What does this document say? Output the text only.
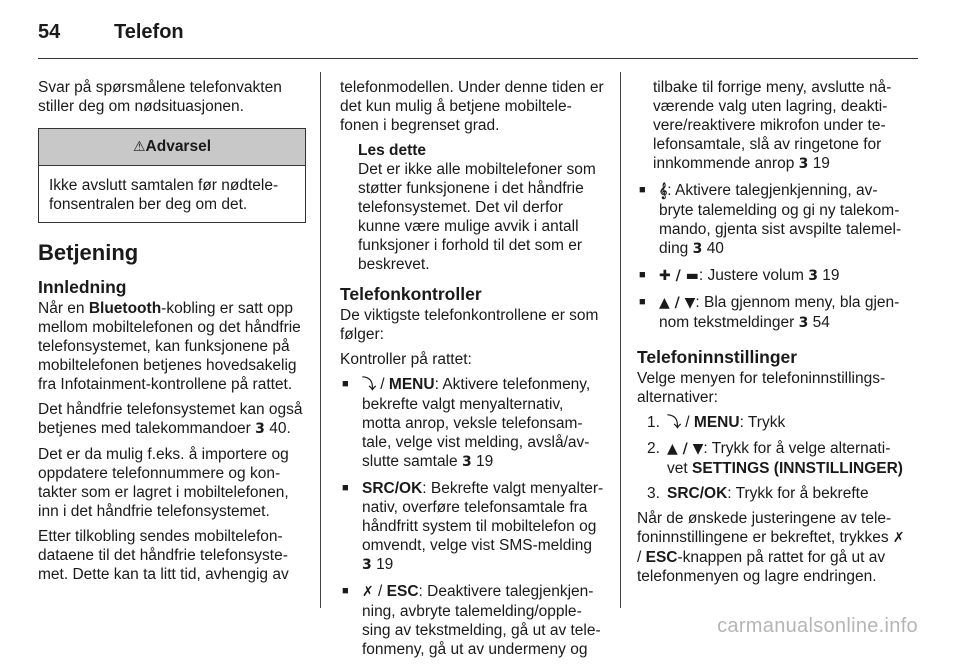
54	Telefon

Svar på spørsmålene telefonvakten stiller deg om nødsituasjonen.

⚠Advarsel
Ikke avslutt samtalen før nødtelefonsentralen ber deg om det.
Betjening
Innledning

Når en Bluetooth-kobling er satt opp mellom mobiltelefonen og det håndfrie telefonsystemet, kan funksjonene på mobiltelefonen betjenes hovedsakelig fra Infotainment-kontrollene på rattet.

Det håndfrie telefonsystemet kan også betjenes med talekommandoer 3 40.

Det er da mulig f.eks. å importere og oppdatere telefonnummere og kontakter som er lagret i mobiltelefonen, inn i det håndfrie telefonsystemet.

Etter tilkobling sendes mobiltelefondataene til det håndfrie telefonsystemet. Dette kan ta litt tid, avhengig av

telefonmodellen. Under denne tiden er det kun mulig å betjene mobiltelefonen i begrenset grad.

Les dette
Det er ikke alle mobiltelefoner som støtter funksjonene i det håndfrie telefonsystemet. Det vil derfor kunne være mulige avvik i antall funksjoner i forhold til det som er beskrevet.
Telefonkontroller

De viktigste telefonkontrollene er som følger:

Kontroller på rattet:

■ ⤵ / MENU: Aktivere telefonmeny, bekrefte valgt menyalternativ, motta anrop, veksle telefonsamtale, velge vist melding, avslå/avslutte samtale 3 19
■ SRC/OK: Bekrefte valgt menyalternativ, overføre telefonsamtale fra håndfritt system til mobiltelefon og omvendt, velge vist SMS-melding 3 19
■ ✗ / ESC: Deaktivere talegjenkjenning, avbryte talemelding/opplesing av tekstmelding, gå ut av telefonmeny, gå ut av undermeny og
tilbake til forrige meny, avslutte nåværende valg uten lagring, deaktivere/reaktivere mikrofon under telefonsamtale, slå av ringetone for innkommende anrop 3 19
■ 𝄞: Aktivere talegjenkjenning, avbryte talemelding og gi ny talekommando, gjenta sist avspilte talemelding 3 40
■ ✚ / ▬: Justere volum 3 19
■ ▲ / ▼: Bla gjennom meny, bla gjennom tekstmeldinger 3 54
Telefoninnstillinger

Velge menyen for telefoninnstillingsalternativer:

1. ⤵ / MENU: Trykk
2. ▲ / ▼: Trykk for å velge alternativet SETTINGS (INNSTILLINGER)
3. SRC/OK: Trykk for å bekrefte

Når de ønskede justeringene av telefoninnstillingene er bekreftet, trykkes ✗ / ESC-knappen på rattet for gå ut av telefonmenyen og lagre endringen.

carmanualsonline.info
